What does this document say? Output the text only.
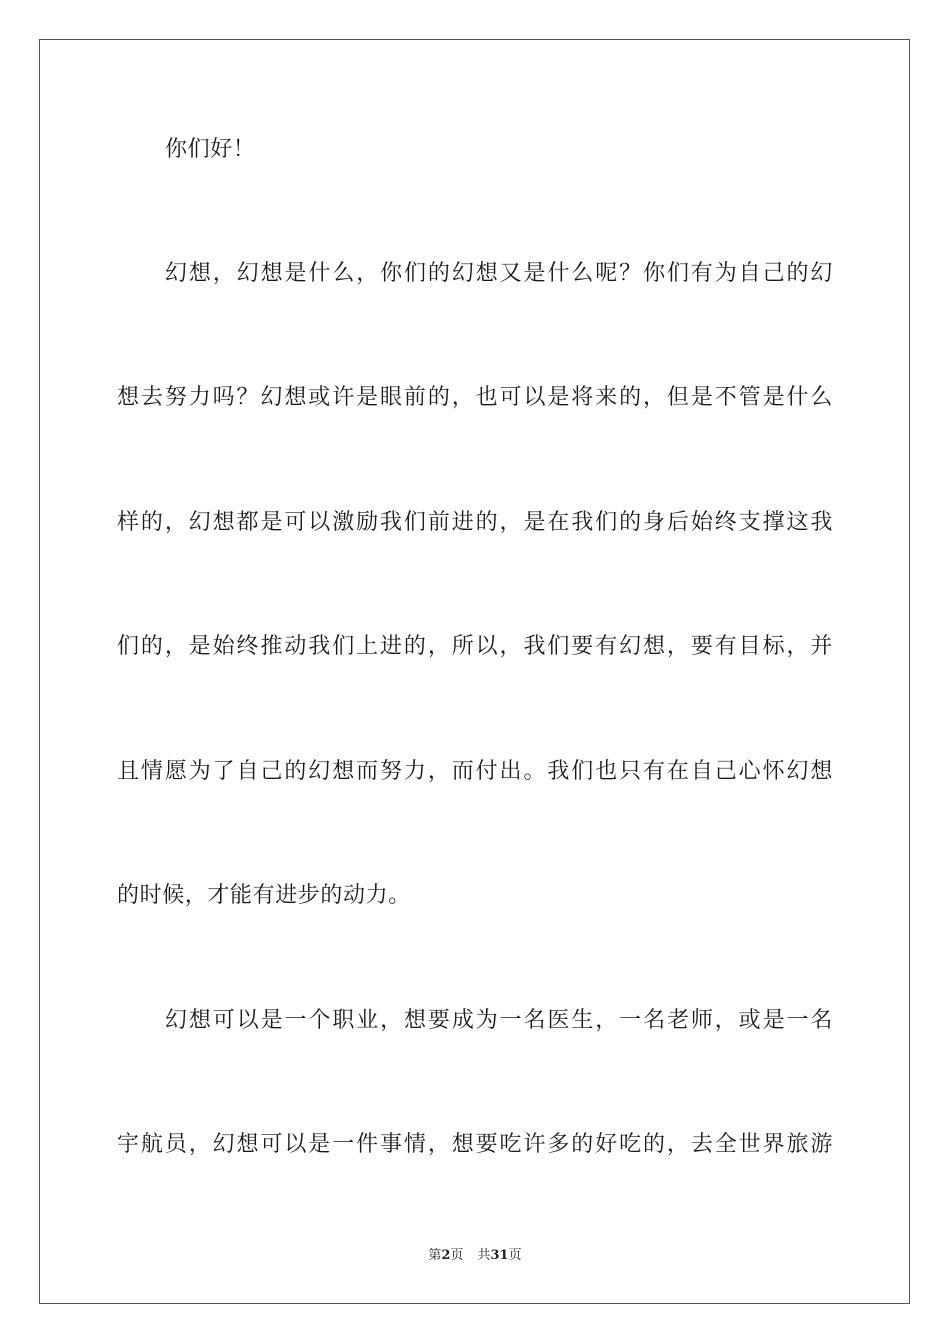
你们好！
幻想，幻想是什么，你们的幻想又是什么呢？你们有为自己的幻
想去努力吗？幻想或许是眼前的，也可以是将来的，但是不管是什么
样的，幻想都是可以激励我们前进的，是在我们的身后始终支撑这我
们的，是始终推动我们上进的，所以，我们要有幻想，要有目标，并
且情愿为了自己的幻想而努力，而付出。我们也只有在自己心怀幻想
的时候，才能有进步的动力。
幻想可以是一个职业，想要成为一名医生，一名老师，或是一名
宇航员，幻想可以是一件事情，想要吃许多的好吃的，去全世界旅游
第2页 共31页
